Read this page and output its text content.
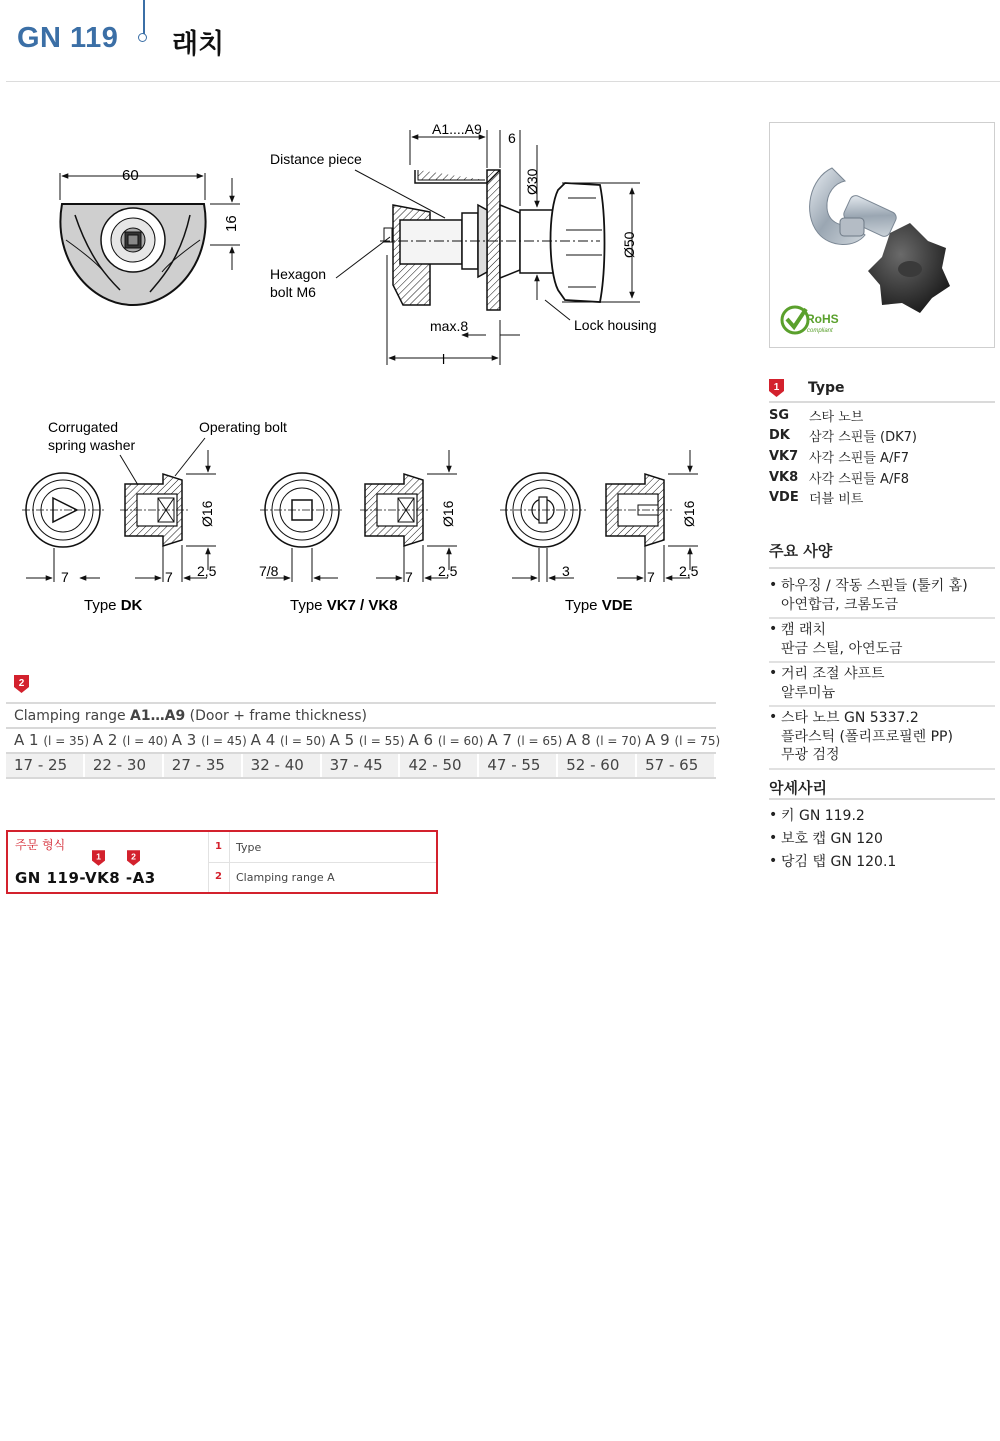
GN 119 래치
60
16
A1....A9
6
Distance piece
Ø30
Ø50
Hexagon
bolt M6
max.8	Lock housing
l
Corrugated
spring washer
Operating bolt
7	7 2,5
Ø16
Type DK
7/8	7 2,5
Ø16
Type VK7 / VK8
3	7 2,5
Ø16
Type VDE
RoHS
compliant
1 Type
SG	스타 노브
DK	삼각 스핀들 (DK7)
VK7 사각 스핀들 A/F7
VK8 사각 스핀들 A/F8
VDE 더블 비트
주요 사양
• 하우징 / 작동 스핀들 (툴키 홈)
아연합금, 크롬도금
• 캠 래치
판금 스틸, 아연도금
• 거리 조절 샤프트
알루미늄
• 스타 노브 GN 5337.2
플라스틱 (폴리프로필렌 PP)
무광 검정
악세사리
• 키 GN 119.2
• 보호 캡 GN 120
• 당김 탭 GN 120.1
2
Clamping range A1…A9 (Door + frame thickness)
A 1 (l = 35) A 2 (l = 40) A 3 (l = 45) A 4 (l = 50) A 5 (l = 55) A 6 (l = 60) A 7 (l = 65) A 8 (l = 70) A 9 (l = 75)
17 - 25	22 - 30	27 - 35	32 - 40	37 - 45	42 - 50	47 - 55	52 - 60	57 - 65
주문 형식
1	2
GN 119-VK8 -A3
1 Type
2 Clamping range A
